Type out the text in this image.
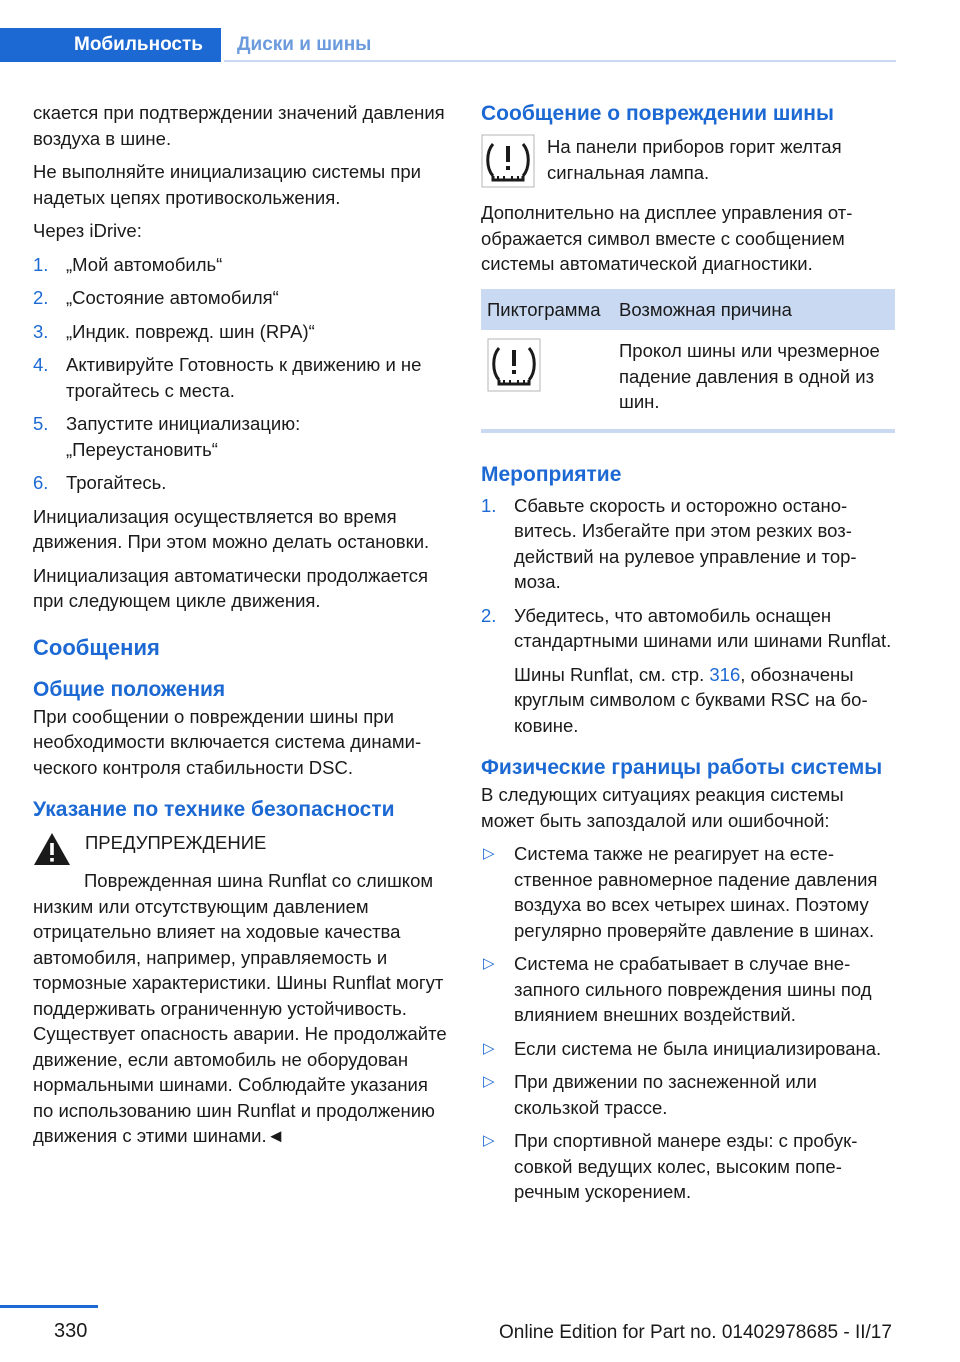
Мобильность	Диски и шины

скается при подтверждении значений давления воздуха в шине.

Не выполняйте инициализацию системы при надетых цепях противоскольжения.

Через iDrive:

1. „Мой автомобиль“
2. „Состояние автомобиля“
3. „Индик. поврежд. шин (RPA)“
4. Активируйте Готовность к движению и не трогайтесь с места.
5. Запустите инициализацию: „Переустановить“
6. Трогайтесь.

Инициализация осуществляется во время движения. При этом можно делать остановки.

Инициализация автоматически продолжается при следующем цикле движения.

Сообщения
Общие положения

При сообщении о повреждении шины при необходимости включается система динамического контроля стабильности DSC.

Указание по технике безопасности
ПРЕДУПРЕЖДЕНИЕ

Поврежденная шина Runflat со слишком низким или отсутствующим давлением отрицательно влияет на ходовые качества автомобиля, например, управляемость и тормозные характеристики. Шины Runflat могут поддерживать ограниченную устойчивость. Существует опасность аварии. Не продолжайте движение, если автомобиль не оборудован нормальными шинами. Соблюдайте указания по использованию шин Runflat и продолжению движения с этими шинами.◄

Сообщение о повреждении шины
На панели приборов горит желтая сигнальная лампа.

Дополнительно на дисплее управления отображается символ вместе с сообщением системы автоматической диагностики.

Пиктограмма	Возможная причина
	Прокол шины или чрезмерное падение давления в одной из шин.
Мероприятие
1. Сбавьте скорость и осторожно остановитесь. Избегайте при этом резких воздействий на рулевое управление и тормоза.
2. Убедитесь, что автомобиль оснащен стандартными шинами или шинами Runflat.
Шины Runflat, см. стр. 316, обозначены круглым символом с буквами RSC на боковине.
Физические границы работы системы

В следующих ситуациях реакция системы может быть запоздалой или ошибочной:

▷ Система также не реагирует на естественное равномерное падение давления воздуха во всех четырех шинах. Поэтому регулярно проверяйте давление в шинах.
▷ Система не срабатывает в случае внезапного сильного повреждения шины под влиянием внешних воздействий.
▷ Если система не была инициализирована.
▷ При движении по заснеженной или скользкой трассе.
▷ При спортивной манере езды: с пробуксовкой ведущих колес, высоким поперечным ускорением.
330	Online Edition for Part no. 01402978685 - II/17
